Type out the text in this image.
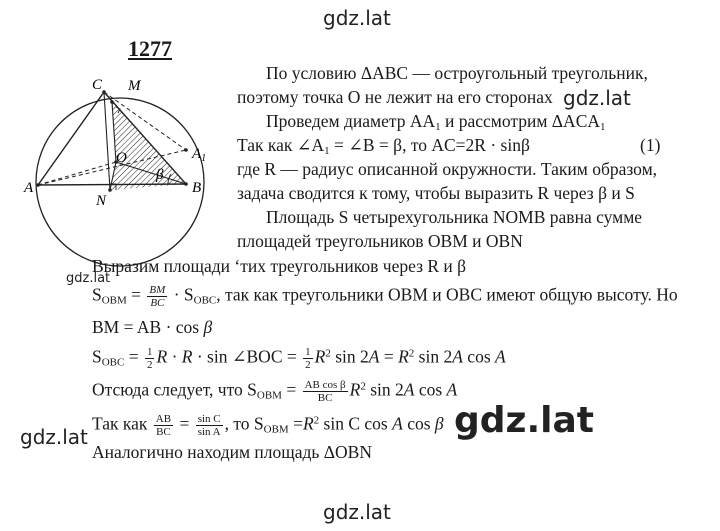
gdz.lat
1277
C M
O	$A_1$
A
N
B
β
По условию ΔABC — остроугольный треугольник,
поэтому точка O не лежит на его сторонах gdz.lat
Проведем диаметр $AA_1$ и рассмотрим $\Delta ACA_1$
Так как $\angle A_1$ = ∠B = β, то AC=2R · sinβ	(1)
где R — радиус описанной окружности. Таким образом,
задача сводится к тому, чтобы выразить R через β и S
Площадь S четырехугольника NOMB равна сумме
площадей треугольников OBM и OBN
Выразим площади ‘тих треугольников через R и β
gdz.lat
$S_{OBM} = \frac{BM}{BC} \cdot S_{OBC}$, так как треугольники OBM и OBC имеют общую высоту. Но
BM = AB · cos β
$S_{OBC} = \frac{1}{2}$ R · R · sin ∠BOC = $\frac{1}{2} R^2$ $\sin 2A = R^2$ sin 2A cos A
Отсюда следует, что $S_{OBM} = \frac{\text{AB cos β}}{BC} R^2$ sin 2A cos A
Так как $\frac{AB}{BC} = \frac{\text{sin C}}{\text{sin A}}$ , то $S_{OBM} =R^2$ sin C cos A cos β gdz.lat
gdz.lat
Аналогично находим площадь ΔOBN
gdz.lat
